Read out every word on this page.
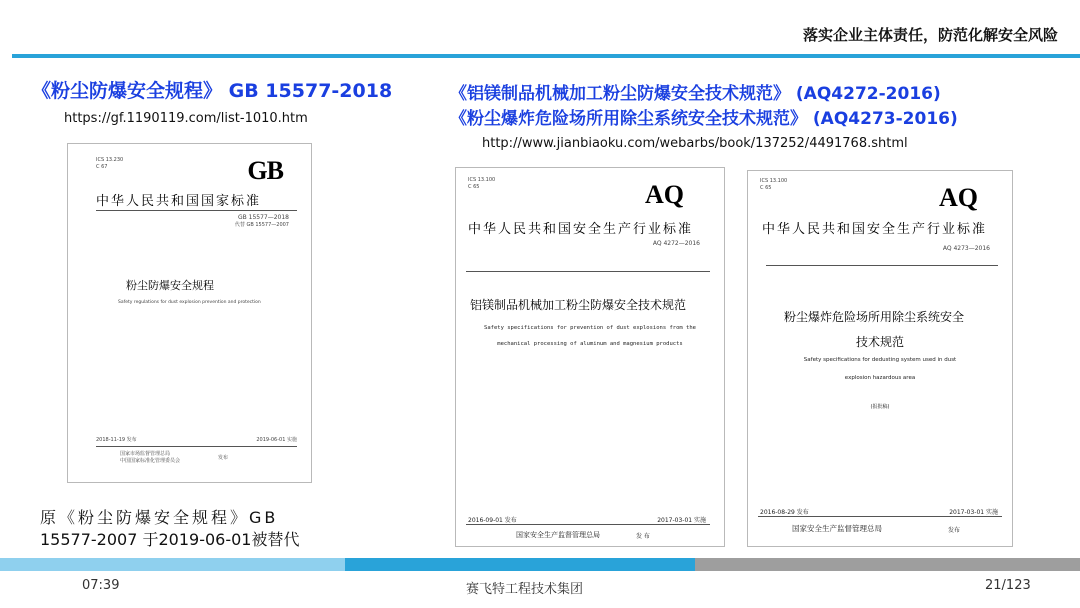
落实企业主体责任，防范化解安全风险
《粉尘防爆安全规程》 GB 15577-2018
https://gf.1190119.com/list-1010.htm
ICS 13.230
C 67	GB
中华人民共和国国家标准
GB 15577—2018
代替 GB 15577—2007
粉尘防爆安全规程
Safety regulations for dust explosion prevention and protection
2018-11-19 发布	2019-06-01 实施
国家市场监督管理总局
中国国家标准化管理委员会	发布
原《粉尘防爆安全规程》GB
15577-2007 于2019-06-01被替代
《铝镁制品机械加工粉尘防爆安全技术规范》 (AQ4272-2016)
《粉尘爆炸危险场所用除尘系统安全技术规范》 (AQ4273-2016)
http://www.jianbiaoku.com/webarbs/book/137252/4491768.shtml
ICS 13.100
C 65	AQ
中华人民共和国安全生产行业标准
AQ 4272—2016
铝镁制品机械加工粉尘防爆安全技术规范
Safety specifications for prevention of dust explosions from the
mechanical processing of aluminum and magnesium products
2016-09-01 发布	2017-03-01 实施
国家安全生产监督管理总局	发 布
ICS 13.100
C 65	AQ
中华人民共和国安全生产行业标准
AQ 4273—2016
粉尘爆炸危险场所用除尘系统安全
技术规范
Safety specifications for dedusting system used in dust
explosion hazardous area
(报批稿)
2016-08-29 发布	2017-03-01 实施
国家安全生产监督管理总局	发布
07:39	赛飞特工程技术集团	21/123
